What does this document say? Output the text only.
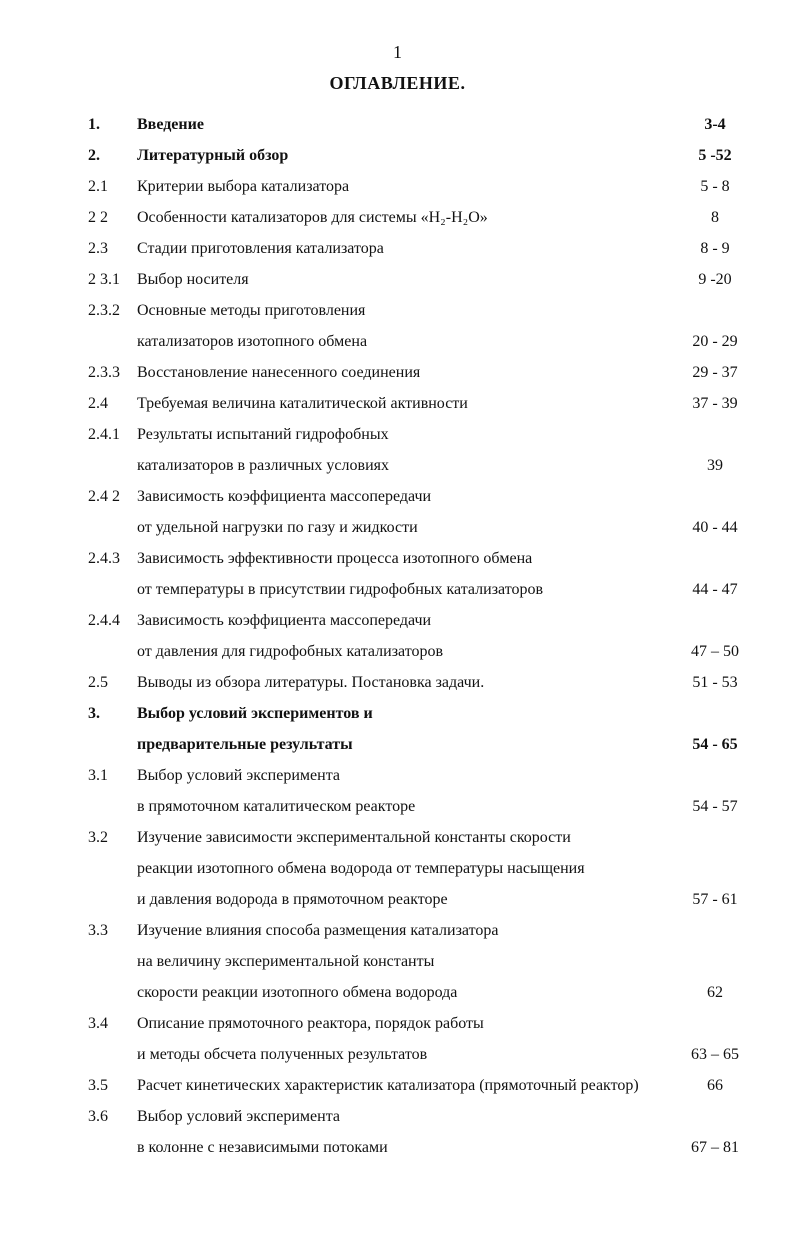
1
ОГЛАВЛЕНИЕ.
1. Введение	3-4
2. Литературный обзор	5 -52
2.1 Критерии выбора катализатора	5 - 8
2 2 Особенности катализаторов для системы «H₂-H₂O»	8
2.3 Стадии приготовления катализатора	8 - 9
2 3.1 Выбор носителя	9 -20
2.3.2 Основные методы приготовления
катализаторов изотопного обмена	20 - 29
2.3.3 Восстановление нанесенного соединения	29 - 37
2.4 Требуемая величина каталитической активности	37 - 39
2.4.1 Результаты испытаний гидрофобных
катализаторов в различных условиях	39
2.4 2 Зависимость коэффициента массопередачи
от удельной нагрузки по газу и жидкости	40 - 44
2.4.3 Зависимость эффективности процесса изотопного обмена
от температуры в присутствии гидрофобных катализаторов	44 - 47
2.4.4 Зависимость коэффициента массопередачи
от давления для гидрофобных катализаторов	47 – 50
2.5 Выводы из обзора литературы. Постановка задачи.	51 - 53
3. Выбор условий экспериментов и
предварительные результаты	54 - 65
3.1 Выбор условий эксперимента
в прямоточном каталитическом реакторе	54 - 57
3.2 Изучение зависимости экспериментальной константы скорости
реакции изотопного обмена водорода от температуры насыщения
и давления водорода в прямоточном реакторе	57 - 61
3.3 Изучение влияния способа размещения катализатора
на величину экспериментальной константы
скорости реакции изотопного обмена водорода	62
3.4 Описание прямоточного реактора, порядок работы
и методы обсчета полученных результатов	63 – 65
3.5 Расчет кинетических характеристик катализатора (прямоточный реактор)	66
3.6 Выбор условий эксперимента
в колонне с независимыми потоками	67 – 81
